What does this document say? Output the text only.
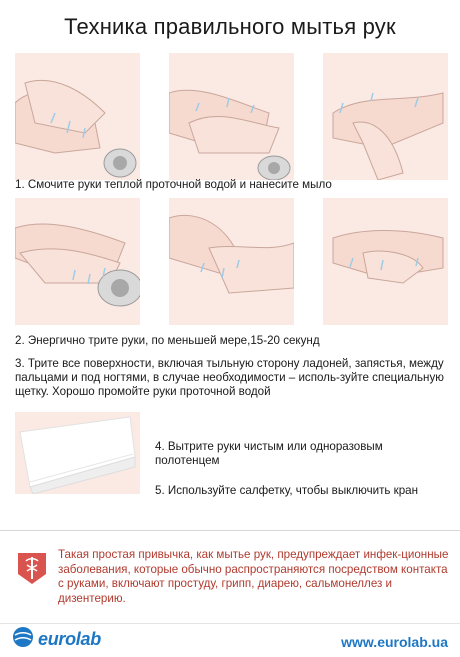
Техника правильного мытья рук
1. Смочите руки теплой проточной водой и нанесите мыло
2. Энергично трите руки, по меньшей мере,15-20 секунд
3. Трите все поверхности, включая тыльную сторону ладоней, запястья, между пальцами и под ногтями, в случае необходимости – исполь-зуйте специальную щетку. Хорошо промойте руки проточной водой
4. Вытрите руки чистым или одноразовым полотенцем
5. Используйте салфетку, чтобы выключить кран
Такая простая привычка, как мытье рук, предупреждает инфек-ционные заболевания, которые обычно распространяются посредством контакта с руками, включают простуду, грипп, диарею, сальмонеллез и дизентерию.
eurolab	www.eurolab.ua
